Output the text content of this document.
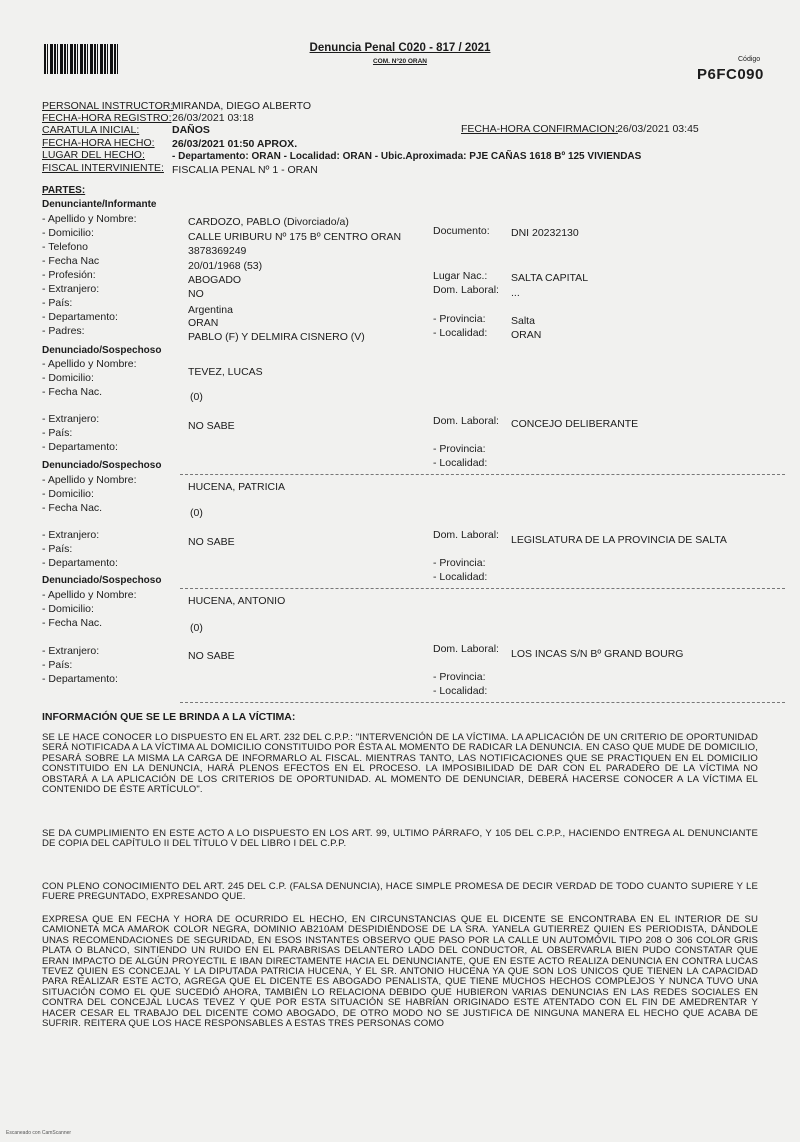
Denuncia Penal C020 - 817 / 2021
COM. Nº20 ORAN	Código
P6FC090
PERSONAL INSTRUCTOR:
MIRANDA, DIEGO ALBERTO
FECHA-HORA REGISTRO: 26/03/2021 03:18
CARATULA INICIAL:	DAÑOS	FECHA-HORA CONFIRMACION: 26/03/2021 03:45
FECHA-HORA HECHO: 26/03/2021 01:50 APROX.
LUGAR DEL HECHO:	- Departamento: ORAN - Localidad: ORAN - Ubic.Aproximada: PJE CAÑAS 1618 Bº 125 VIVIENDAS
FISCAL INTERVINIENTE: FISCALIA PENAL Nº 1 - ORAN
PARTES:
Denunciante/Informante
- Apellido y Nombre:	CARDOZO, PABLO (Divorciado/a)
- Domicilio:	CALLE URIBURU Nº 175 Bº CENTRO ORAN
- Telefono	3878369249
- Fecha Nac	20/01/1968 (53)
- Profesión:	ABOGADO
- Extranjero:	NO
- País:
Argentina
- Departamento:	ORAN
- Padres:	PABLO (F) Y DELMIRA CISNERO (V)
Documento: DNI 20232130
Lugar Nac.: SALTA CAPITAL
Dom. Laboral: ...
- Provincia: Salta
- Localidad: ORAN
Denunciado/Sospechoso
- Apellido y Nombre:
TEVEZ, LUCAS
- Domicilio:
- Fecha Nac.	(0)
- Extranjero:
NO SABE
- País:
- Departamento:
Dom. Laboral: CONCEJO DELIBERANTE
- Provincia:
- Localidad:
Denunciado/Sospechoso
- Apellido y Nombre:
HUCENA, PATRICIA
- Domicilio:
- Fecha Nac.	(0)
- Extranjero:
NO SABE
- País:
- Departamento:
Dom. Laboral: LEGISLATURA DE LA PROVINCIA DE SALTA
- Provincia:
- Localidad:
Denunciado/Sospechoso
- Apellido y Nombre:	HUCENA, ANTONIO
- Domicilio:
- Fecha Nac.	(0)
- Extranjero:	NO SABE
- País:
- Departamento:
Dom. Laboral: LOS INCAS S/N Bº GRAND BOURG
- Provincia:
- Localidad:
INFORMACIÓN QUE SE LE BRINDA A LA VÍCTIMA:
SE LE HACE CONOCER LO DISPUESTO EN EL ART. 232 DEL C.P.P.: "INTERVENCIÓN DE LA VÍCTIMA. LA APLICACIÓN DE UN CRITERIO DE OPORTUNIDAD SERÁ NOTIFICADA A LA VÍCTIMA AL DOMICILIO CONSTITUIDO POR ÉSTA AL MOMENTO DE RADICAR LA DENUNCIA. EN CASO QUE MUDE DE DOMICILIO, PESARÁ SOBRE LA MISMA LA CARGA DE INFORMARLO AL FISCAL. MIENTRAS TANTO, LAS NOTIFICACIONES QUE SE PRACTIQUEN EN EL DOMICILIO CONSTITUIDO EN LA DENUNCIA, HARÁ PLENOS EFECTOS EN EL PROCESO. LA IMPOSIBILIDAD DE DAR CON EL PARADERO DE LA VÍCTIMA NO OBSTARÁ A LA APLICACIÓN DE LOS CRITERIOS DE OPORTUNIDAD. AL MOMENTO DE DENUNCIAR, DEBERÁ HACERSE CONOCER A LA VÍCTIMA EL CONTENIDO DE ÉSTE ARTÍCULO".
SE DA CUMPLIMIENTO EN ESTE ACTO A LO DISPUESTO EN LOS ART. 99, ULTIMO PÁRRAFO, Y 105 DEL C.P.P., HACIENDO ENTREGA AL DENUNCIANTE DE COPIA DEL CAPÍTULO II DEL TÍTULO V DEL LIBRO I DEL C.P.P.
CON PLENO CONOCIMIENTO DEL ART. 245 DEL C.P. (FALSA DENUNCIA), HACE SIMPLE PROMESA DE DECIR VERDAD DE TODO CUANTO SUPIERE Y LE FUERE PREGUNTADO, EXPRESANDO QUE.
EXPRESA QUE EN FECHA Y HORA DE OCURRIDO EL HECHO, EN CIRCUNSTANCIAS QUE EL DICENTE SE ENCONTRABA EN EL INTERIOR DE SU CAMIONETA MCA AMAROK COLOR NEGRA, DOMINIO AB210AM DESPIDIÉNDOSE DE LA SRA. YANELA GUTIERREZ QUIEN ES PERIODISTA, DÁNDOLE UNAS RECOMENDACIONES DE SEGURIDAD, EN ESOS INSTANTES OBSERVO QUE PASO POR LA CALLE UN AUTOMÓVIL TIPO 208 O 306 COLOR GRIS PLATA O BLANCO, SINTIENDO UN RUIDO EN EL PARABRISAS DELANTERO LADO DEL CONDUCTOR, AL OBSERVARLA BIEN PUDO CONSTATAR QUE ERAN IMPACTO DE ALGÚN PROYECTIL E IBAN DIRECTAMENTE HACIA EL DENUNCIANTE, QUE EN ESTE ACTO REALIZA DENUNCIA EN CONTRA LUCAS TEVEZ QUIEN ES CONCEJAL Y LA DIPUTADA PATRICIA HUCENA, Y EL SR. ANTONIO HUCENA YA QUE SON LOS UNICOS QUE TIENEN LA CAPACIDAD PARA REALIZAR ESTE ACTO, AGREGA QUE EL DICENTE ES ABOGADO PENALISTA, QUE TIENE MUCHOS HECHOS COMPLEJOS Y NUNCA TUVO UNA SITUACIÓN COMO EL QUE SUCEDIÓ AHORA, TAMBIÉN LO RELACIONA DEBIDO QUE HUBIERON VARIAS DENUNCIAS EN LAS REDES SOCIALES EN CONTRA DEL CONCEJAL LUCAS TEVEZ Y QUE POR ESTA SITUACIÓN SE HABRÍAN ORIGINADO ESTE ATENTADO CON EL FIN DE AMEDRENTAR Y HACER CESAR EL TRABAJO DEL DICENTE COMO ABOGADO, DE OTRO MODO NO SE JUSTIFICA DE NINGUNA MANERA EL HECHO QUE ACABA DE SUFRIR. REITERA QUE LOS HACE RESPONSABLES A ESTAS TRES PERSONAS COMO
Escaneado con CamScanner
